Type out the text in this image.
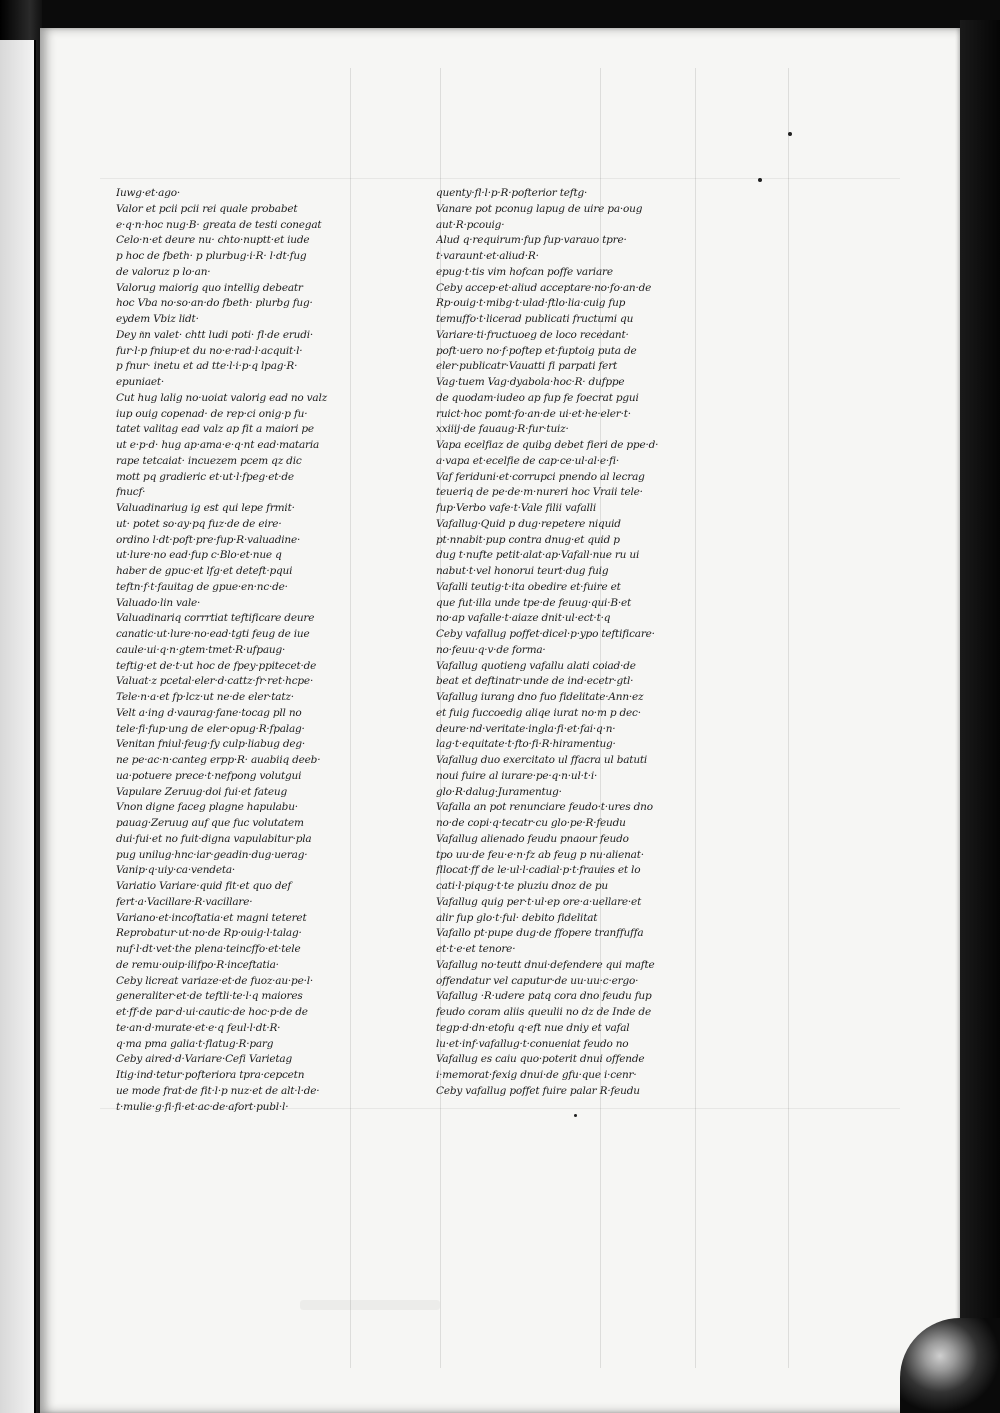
Iuwg·et·ago·
Valor et pcii pcii rei quale probabet
e·q·n·hoc nug·B· greata de testi conegat
Celo·n·et deure nu· chto·nuptt·et iude
p hoc de fbeth· p plurbug·i·R· l·dt·fug
de valoruz p lo·an·
Valorug maiorig quo intellig debeatr
hoc Vba no·so·an·do fbeth· plurbg fug·
eydem Vbiz lidt·
Dey n͂n valet· chtt ludi poti· fl·de erudi·
fur·l·p fniup·et du no·e·rad·l·acquit·l·
p fnur· inetu et ad tte·l·i·p·q lpag·R·
epuniaet·
Cut hug lalig no·uoiat valorig ead no valz
iup ouig copenad· de rep·ci onig·p fu·
tatet valitag ead valz ap fit a maiori pe
ut e·p·d· hug ap·ama·e·q·nt ead·mataria
rape tetcaiat· incuezem pcem qz dic
mott pq gradieric et·ut·l·fpeg·et·de
fnucf·
Valuadinariug ig est qui lepe frmit·
ut· potet so·ay·pq fuz·de de eire·
ordino l·dt·poft·pre·fup·R·valuadine·
ut·lure·no ead·fup c·Blo·et·nue q
haber de gpuc·et lfg·et deteft·pqui
teftn·f·t·fauitag de gpue·en·nc·de·
Valuado·lin vale·
Valuadinariq corrrtiat teftificare deure
canatic·ut·lure·no·ead·tgti feug de iue
caule·ui·q·n·gtem·tmet·R·ufpaug·
teftig·et de·t·ut hoc de fpey·ppitecet·de
Valuat·z pcetal·eler·d·cattz·fr·ret·hcpe·
Tele·n·a·et fp·lcz·ut ne·de eler·tatz·
Velt a·ing d·vaurag·fane·tocag pll no
tele·fi·fup·ung de eler·opug·R·fpalag·
Venitan fniul·feug·fy culp·liabug deg·
ne pe·ac·n·canteg erpp·R· auabiiq deeb·
ua·potuere prece·t·nefpong volutgui
Vapulare Zeruug·doi fui·et fateug
Vnon digne faceg plagne hapulabu·
pauag·Zeruug auf que fuc volutatem
dui·fui·et no fuit·digna vapulabitur·pla
pug unilug·hnc·iar·geadin·dug·uerag·
Vanip·q·uiy·ca·vendeta·
Variatio Variare·quid fit·et quo def
fert·a·Vacillare·R·vacillare·
Variano·et·incoftatia·et magni teteret
Reprobatur·ut·no·de Rp·ouig·l·talag·
nuf·l·dt·vet·the plena·teincffo·et·tele
de remu·ouip·ilifpo·R·inceftatia·
Ceby licreat variaze·et·de fuoz·au·pe·l·
generaliter·et·de teftli·te·l·q maiores
et·ff·de par·d·ui·cautic·de hoc·p·de de
te·an·d·murate·et·e·q feul·l·dt·R·
q·ma pma galia·t·flatug·R·parg
Ceby aired·d·Variare·Cefi Varietag
Itig·ind·tetur·pofteriora tpra·cepcetn
ue mode frat·de fit·l·p nuz·et de alt·l·de·
t·mulie·g·fi·fi·et·ac·de·afort·publ·l·
quenty·fl·l·p·R·pofterior teftg·
Vanare pot pconug lapug de uire pa·oug
aut·R·pcouig·
Alud q·requirum·fup fup·varauo tpre·
t·varaunt·et·aliud·R·
epug·t·tis vim hofcan poffe variare
Ceby accep·et·aliud acceptare·no·fo·an·de
Rp·ouig·t·mibg·t·ulad·ftlo·lia·cuig fup
temuffo·t·licerad publicati fructumi qu
Variare·ti·fructuoeg de loco recedant·
poft·uero no·f·poftep et·fuptoig puta de
eler·publicatr·Vauatti fi parpati fert
Vag·tuem Vag·dyabola·hoc·R· dufppe
de quodam·iudeo ap fup fe foecrat pgui
ruict·hoc pomt·fo·an·de ui·et·he·eler·t·
xxiiij·de fauaug·R·fur·tuiz·
Vapa ecelfiaz de quibg debet fieri de ppe·d·
a·vapa et·ecelfie de cap·ce·ul·al·e·fi·
Vaf feriduni·et·corrupci pnendo al lecrag
teueriq de pe·de·m·nureri hoc Vraii tele·
fup·Verbo vafe·t·Vale filii vafalli
Vafallug·Quid p dug·repetere niquid
pt·nnabit·pup contra dnug·et quid p
dug t·nufte petit·alat·ap·Vafall·nue ru ui
nabut·t·vel honorui teurt·dug fuig
Vafalli teutig·t·ita obedire et·fuire et
que fut·illa unde tpe·de feuug·qui·B·et
no·ap vafalle·t·aiaze dnit·ul·ect·t·q
Ceby vafallug poffet·dicel·p·ypo teftificare·
no·feuu·q·v·de forma·
Vafallug quotieng vafallu alati coiad·de
beat et deftinatr·unde de ind·ecetr·gtl·
Vafallug iurang dno fuo fidelitate·Ann·ez
et fuig fuccoedig aliqe iurat no·m p dec·
deure·nd·veritate·ingla·fi·et·fai·q·n·
lag·t·equitate·t·fto·fi·R·hiramentug·
Vafallug duo exercitato ul ffacra ul batuti
noui fuire al iurare·pe·q·n·ul·t·i·
glo·R·dalug·Juramentug·
Vafalla an pot renunciare feudo·t·ures dno
no·de copi·q·tecatr·cu glo·pe·R·feudu
Vafallug alienado feudu pnaour feudo
tpo uu·de feu·e·n·fz ab feug p nu·alienat·
fllocat·ff de le·ul·l·cadial·p·t·frauies et lo
cati·l·piqug·t·te pluziu dnoz de pu
Vafallug quig per·t·ul·ep ore·a·uellare·et
alir fup glo·t·ful· debito fidelitat
Vafallo pt·pupe dug·de ffopere tranffuffa
et·t·e·et tenore·
Vafallug no·teutt dnui·defendere qui mafte
offendatur vel caputur·de uu·uu·c·ergo·
Vafallug ·R·udere patq cora dno feudu fup
feudo coram aliis queulii no dz de Inde de
tegp·d·dn·etofu q·eft nue dniy et vafal
lu·et·inf·vafallug·t·conueniat feudo no
Vafallug es caiu quo·poterit dnui offende
i·memorat·fexig dnui·de gfu·que i·cenr·
Ceby vafallug poffet fuire palar R·feudu
